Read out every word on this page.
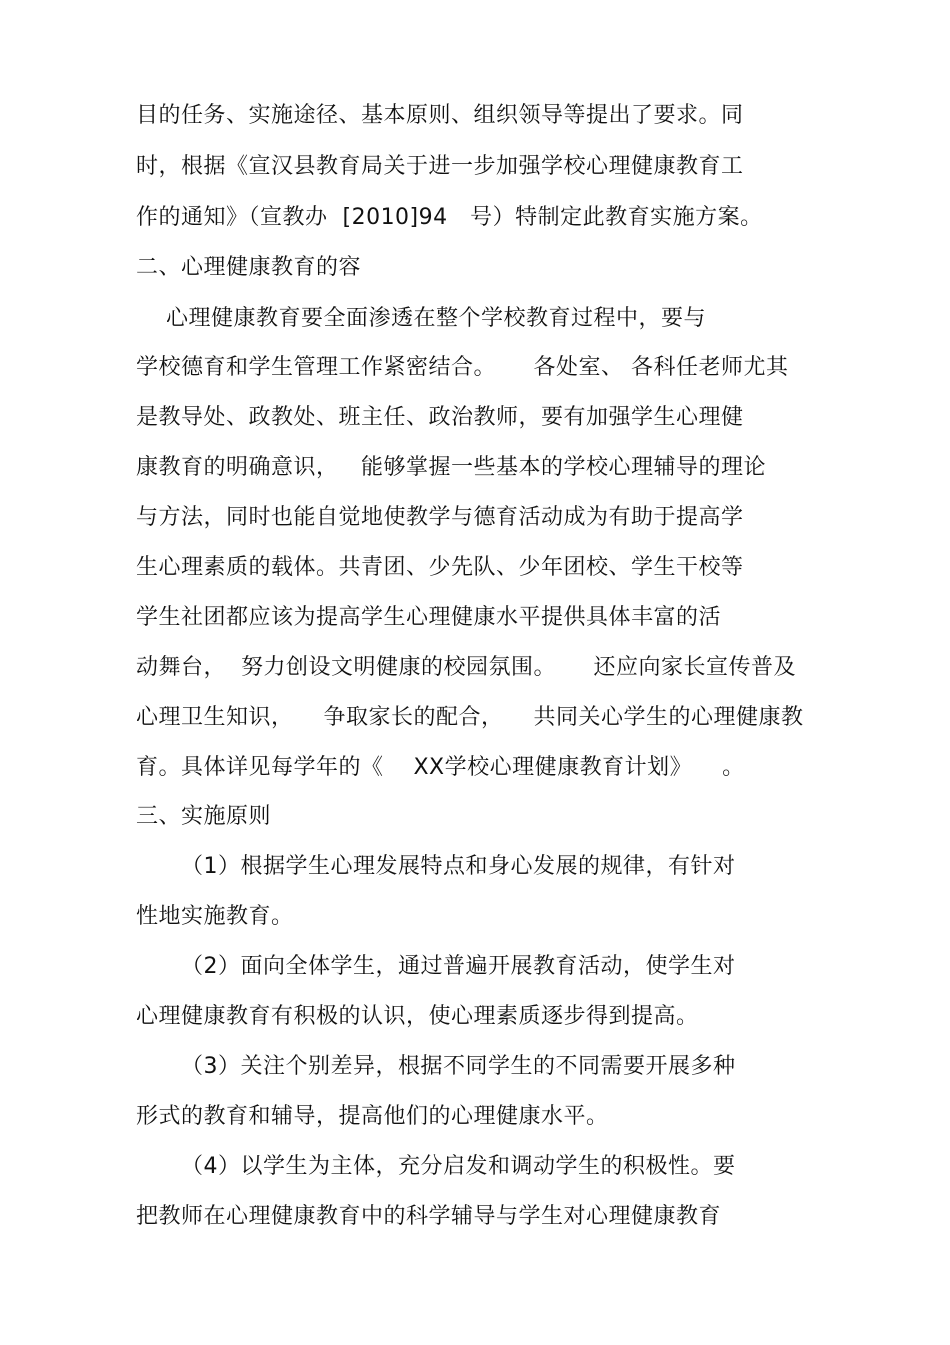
目的任务、实施途径、基本原则、组织领导等提出了要求。同
时，根据《宣汉县教育局关于进一步加强学校心理健康教育工
作的通知》（宣教办  [2010]94   号）特制定此教育实施方案。
二、心理健康教育的容
心理健康教育要全面渗透在整个学校教育过程中，要与
学校德育和学生管理工作紧密结合。     各处室、 各科任老师尤其
是教导处、政教处、班主任、政治教师，要有加强学生心理健
康教育的明确意识，   能够掌握一些基本的学校心理辅导的理论
与方法，同时也能自觉地使教学与德育活动成为有助于提高学
生心理素质的载体。共青团、少先队、少年团校、学生干校等
学生社团都应该为提高学生心理健康水平提供具体丰富的活
动舞台，  努力创设文明健康的校园氛围。     还应向家长宣传普及
心理卫生知识，    争取家长的配合，    共同关心学生的心理健康教
育。具体详见每学年的《    XX学校心理健康教育计划》    。
三、实施原则
（1）根据学生心理发展特点和身心发展的规律，有针对
性地实施教育。
（2）面向全体学生，通过普遍开展教育活动，使学生对
心理健康教育有积极的认识，使心理素质逐步得到提高。
（3）关注个别差异，根据不同学生的不同需要开展多种
形式的教育和辅导，提高他们的心理健康水平。
（4）以学生为主体，充分启发和调动学生的积极性。要
把教师在心理健康教育中的科学辅导与学生对心理健康教育
